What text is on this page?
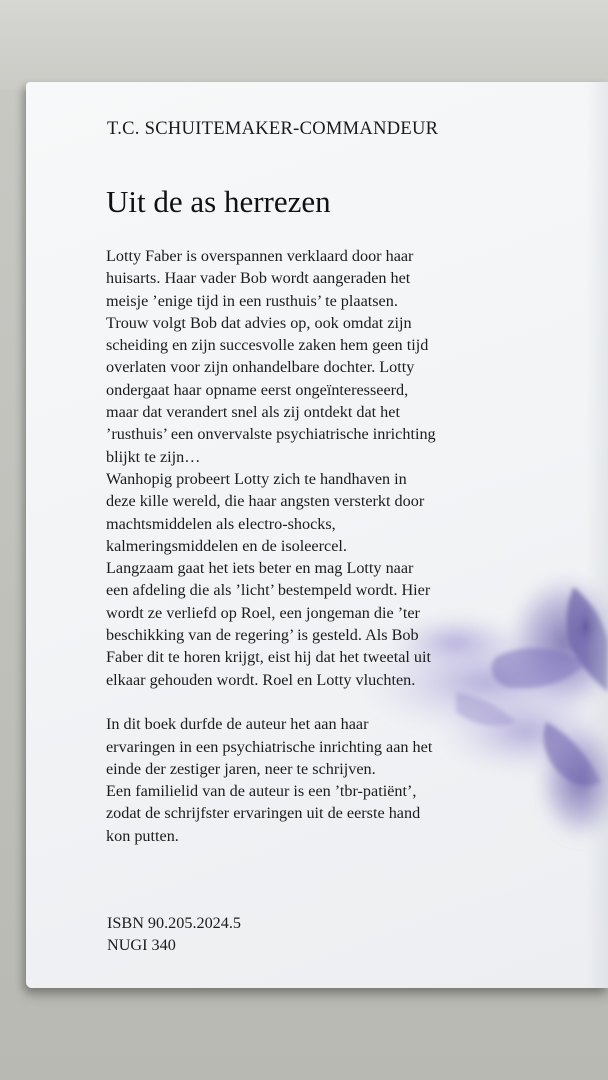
T.C. SCHUITEMAKER-COMMANDEUR
Uit de as herrezen
Lotty Faber is overspannen verklaard door haar
huisarts. Haar vader Bob wordt aangeraden het
meisje ’enige tijd in een rusthuis’ te plaatsen.
Trouw volgt Bob dat advies op, ook omdat zijn
scheiding en zijn succesvolle zaken hem geen tijd
overlaten voor zijn onhandelbare dochter. Lotty
ondergaat haar opname eerst ongeïnteresseerd,
maar dat verandert snel als zij ontdekt dat het
’rusthuis’ een onvervalste psychiatrische inrichting
blijkt te zijn…
Wanhopig probeert Lotty zich te handhaven in
deze kille wereld, die haar angsten versterkt door
machtsmiddelen als electro-shocks,
kalmeringsmiddelen en de isoleercel.
Langzaam gaat het iets beter en mag Lotty naar
een afdeling die als ’licht’ bestempeld wordt. Hier
wordt ze verliefd op Roel, een jongeman die ’ter
beschikking van de regering’ is gesteld. Als Bob
Faber dit te horen krijgt, eist hij dat het tweetal uit
elkaar gehouden wordt. Roel en Lotty vluchten.
In dit boek durfde de auteur het aan haar
ervaringen in een psychiatrische inrichting aan het
einde der zestiger jaren, neer te schrijven.
Een familielid van de auteur is een ’tbr-patiënt’,
zodat de schrijfster ervaringen uit de eerste hand
kon putten.
ISBN 90.205.2024.5
NUGI 340
